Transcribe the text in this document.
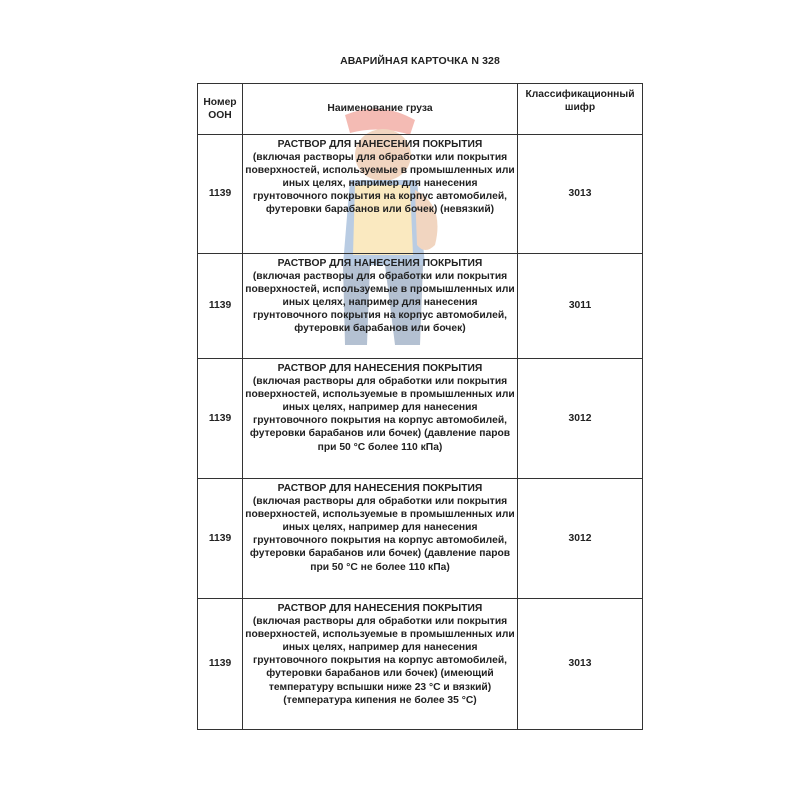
АВАРИЙНАЯ КАРТОЧКА N 328
Номер ООН	Наименование груза	Классификационный шифр
1139	РАСТВОР ДЛЯ НАНЕСЕНИЯ ПОКРЫТИЯ
(включая растворы для обработки или покрытия поверхностей, используемые в промышленных или иных целях, например для нанесения грунтовочного покрытия на корпус автомобилей, футеровки барабанов или бочек) (невязкий)	3013
1139	РАСТВОР ДЛЯ НАНЕСЕНИЯ ПОКРЫТИЯ
(включая растворы для обработки или покрытия поверхностей, используемые в промышленных или иных целях, например для нанесения грунтовочного покрытия на корпус автомобилей, футеровки барабанов или бочек)	3011
1139	РАСТВОР ДЛЯ НАНЕСЕНИЯ ПОКРЫТИЯ
(включая растворы для обработки или покрытия поверхностей, используемые в промышленных или иных целях, например для нанесения грунтовочного покрытия на корпус автомобилей, футеровки барабанов или бочек) (давление паров при 50 °С более 110 кПа)	3012
1139	РАСТВОР ДЛЯ НАНЕСЕНИЯ ПОКРЫТИЯ
(включая растворы для обработки или покрытия поверхностей, используемые в промышленных или иных целях, например для нанесения грунтовочного покрытия на корпус автомобилей, футеровки барабанов или бочек) (давление паров при 50 °С не более 110 кПа)	3012
1139	РАСТВОР ДЛЯ НАНЕСЕНИЯ ПОКРЫТИЯ
(включая растворы для обработки или покрытия поверхностей, используемые в промышленных или иных целях, например для нанесения грунтовочного покрытия на корпус автомобилей, футеровки барабанов или бочек) (имеющий температуру вспышки ниже 23 °С и вязкий) (температура кипения не более 35 °С)	3013
